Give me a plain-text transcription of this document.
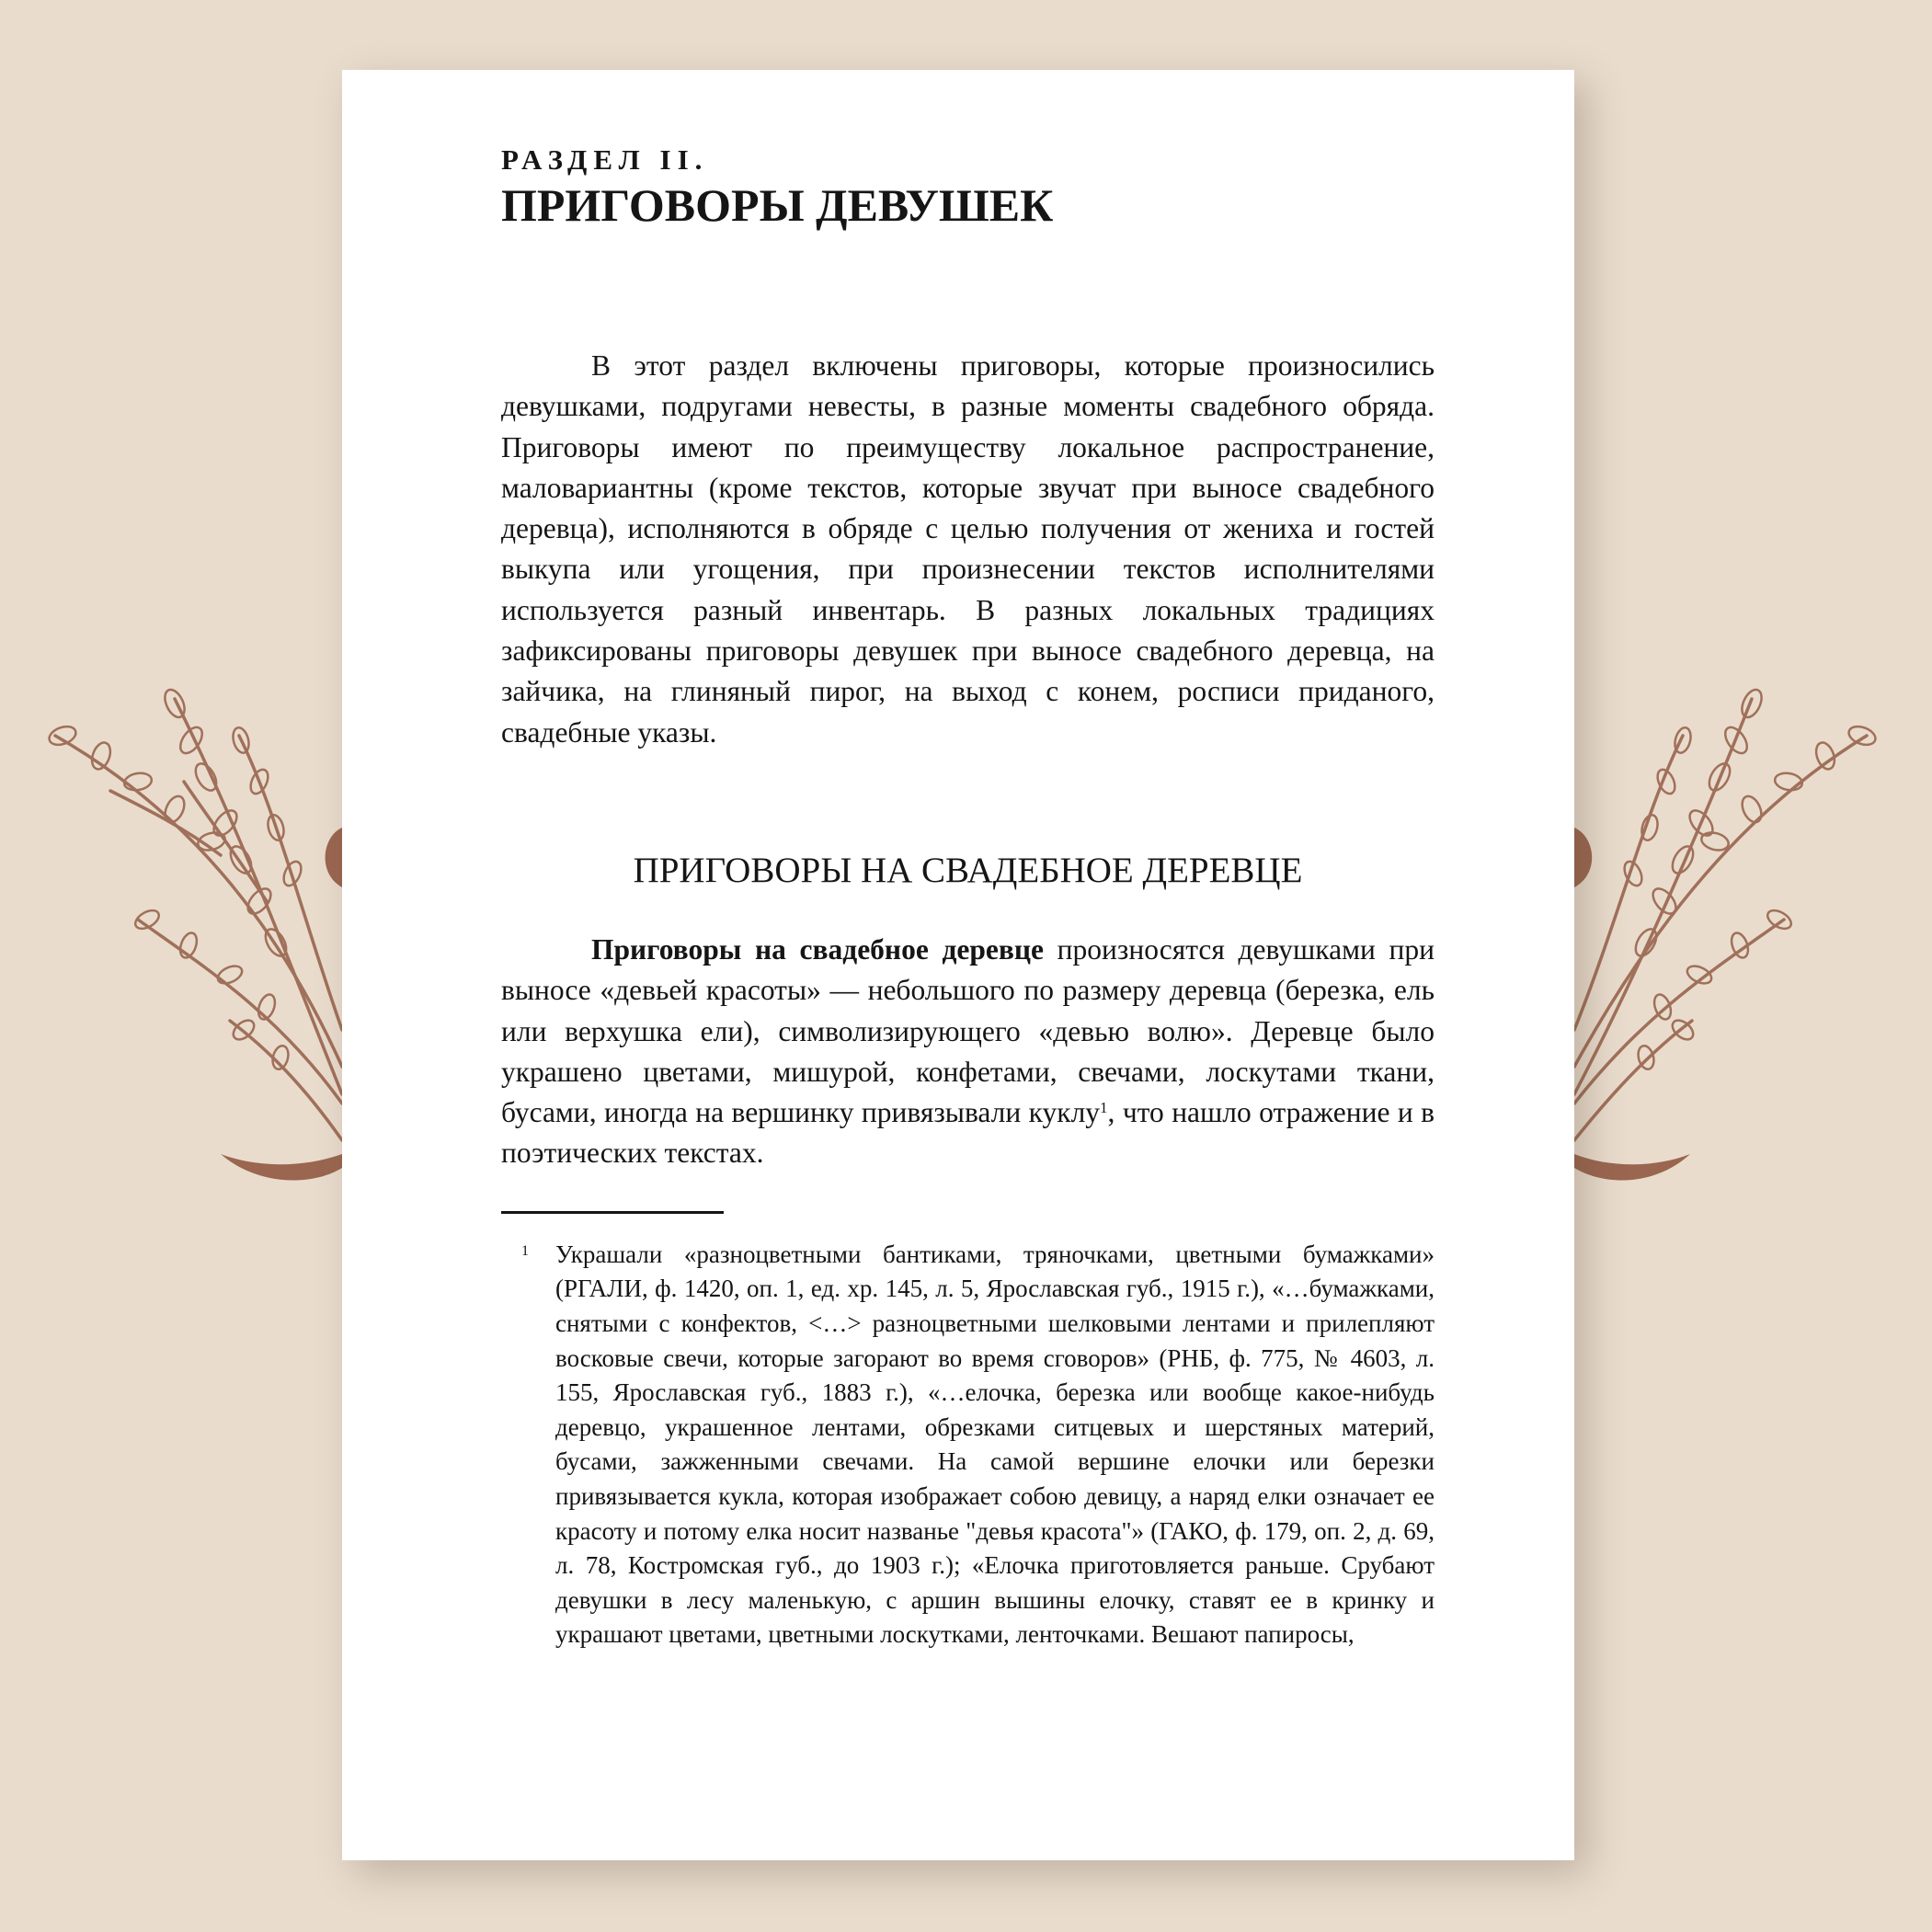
РАЗДЕЛ II.

ПРИГОВОРЫ ДЕВУШЕК

В этот раздел включены приговоры, которые произносились девушками, подругами невесты, в разные моменты свадебного обряда. Приговоры имеют по преимуществу локальное распространение, маловариантны (кроме текстов, которые звучат при выносе свадебного деревца), исполняются в обряде с целью получения от жениха и гостей выкупа или угощения, при произнесении текстов исполнителями используется разный инвентарь. В разных локальных традициях зафиксированы приговоры девушек при выносе свадебного деревца, на зайчика, на глиняный пирог, на выход с конем, росписи приданого, свадебные указы.

ПРИГОВОРЫ НА СВАДЕБНОЕ ДЕРЕВЦЕ

Приговоры на свадебное деревце произносятся девушками при выносе «девьей красоты» — небольшого по размеру деревца (березка, ель или верхушка ели), символизирующего «девью волю». Деревце было украшено цветами, мишурой, конфетами, свечами, лоскутами ткани, бусами, иногда на вершинку привязывали куклу$^1$, что нашло отражение и в поэтических текстах.

1 Украшали «разноцветными бантиками, тряночками, цветными бумажками» (РГАЛИ, ф. 1420, оп. 1, ед. хр. 145, л. 5, Ярославская губ., 1915 г.), «…бумажками, снятыми с конфектов, <…> разноцветными шелковыми лентами и прилепляют восковые свечи, которые загорают во время сговоров» (РНБ, ф. 775, № 4603, л. 155, Ярославская губ., 1883 г.), «…елочка, березка или вообще какое-нибудь деревцо, украшенное лентами, обрезками ситцевых и шерстяных материй, бусами, зажженными свечами. На самой вершине елочки или березки привязывается кукла, которая изображает собою девицу, а наряд елки означает ее красоту и потому елка носит названье "девья красота"» (ГАКО, ф. 179, оп. 2, д. 69, л. 78, Костромская губ., до 1903 г.); «Елочка приготовляется раньше. Срубают девушки в лесу маленькую, с аршин вышины елочку, ставят ее в кринку и украшают цветами, цветными лоскутками, ленточками. Вешают папиросы,
